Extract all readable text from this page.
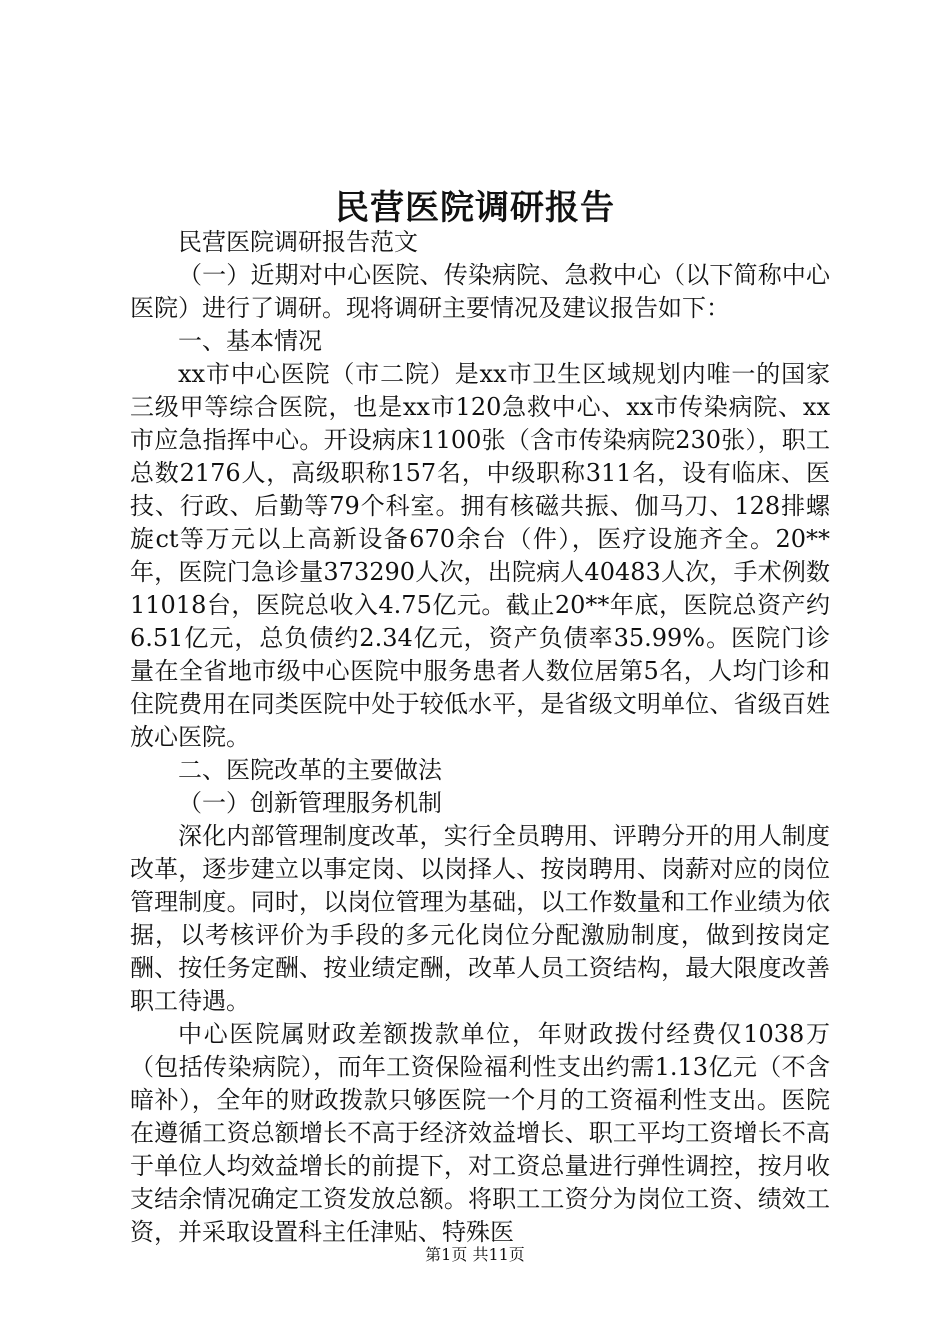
民营医院调研报告

民营医院调研报告范文

（一）近期对中心医院、传染病院、急救中心（以下简称中心医院）进行了调研。现将调研主要情况及建议报告如下：

一、基本情况

xx市中心医院（市二院）是xx市卫生区域规划内唯一的国家三级甲等综合医院，也是xx市120急救中心、xx市传染病院、xx市应急指挥中心。开设病床1100张（含市传染病院230张），职工总数2176人，高级职称157名，中级职称311名，设有临床、医技、行政、后勤等79个科室。拥有核磁共振、伽马刀、128排螺旋ct等万元以上高新设备670余台（件），医疗设施齐全。20**年，医院门急诊量373290人次，出院病人40483人次，手术例数11018台，医院总收入4.75亿元。截止20**年底，医院总资产约6.51亿元，总负债约2.34亿元，资产负债率35.99%。医院门诊量在全省地市级中心医院中服务患者人数位居第5名，人均门诊和住院费用在同类医院中处于较低水平，是省级文明单位、省级百姓放心医院。

二、医院改革的主要做法

（一）创新管理服务机制

深化内部管理制度改革，实行全员聘用、评聘分开的用人制度改革，逐步建立以事定岗、以岗择人、按岗聘用、岗薪对应的岗位管理制度。同时，以岗位管理为基础，以工作数量和工作业绩为依据，以考核评价为手段的多元化岗位分配激励制度，做到按岗定酬、按任务定酬、按业绩定酬，改革人员工资结构，最大限度改善职工待遇。

中心医院属财政差额拨款单位，年财政拨付经费仅1038万（包括传染病院），而年工资保险福利性支出约需1.13亿元（不含暗补），全年的财政拨款只够医院一个月的工资福利性支出。医院在遵循工资总额增长不高于经济效益增长、职工平均工资增长不高于单位人均效益增长的前提下，对工资总量进行弹性调控，按月收支结余情况确定工资发放总额。将职工工资分为岗位工资、绩效工资，并采取设置科主任津贴、特殊医

第1页 共11页
